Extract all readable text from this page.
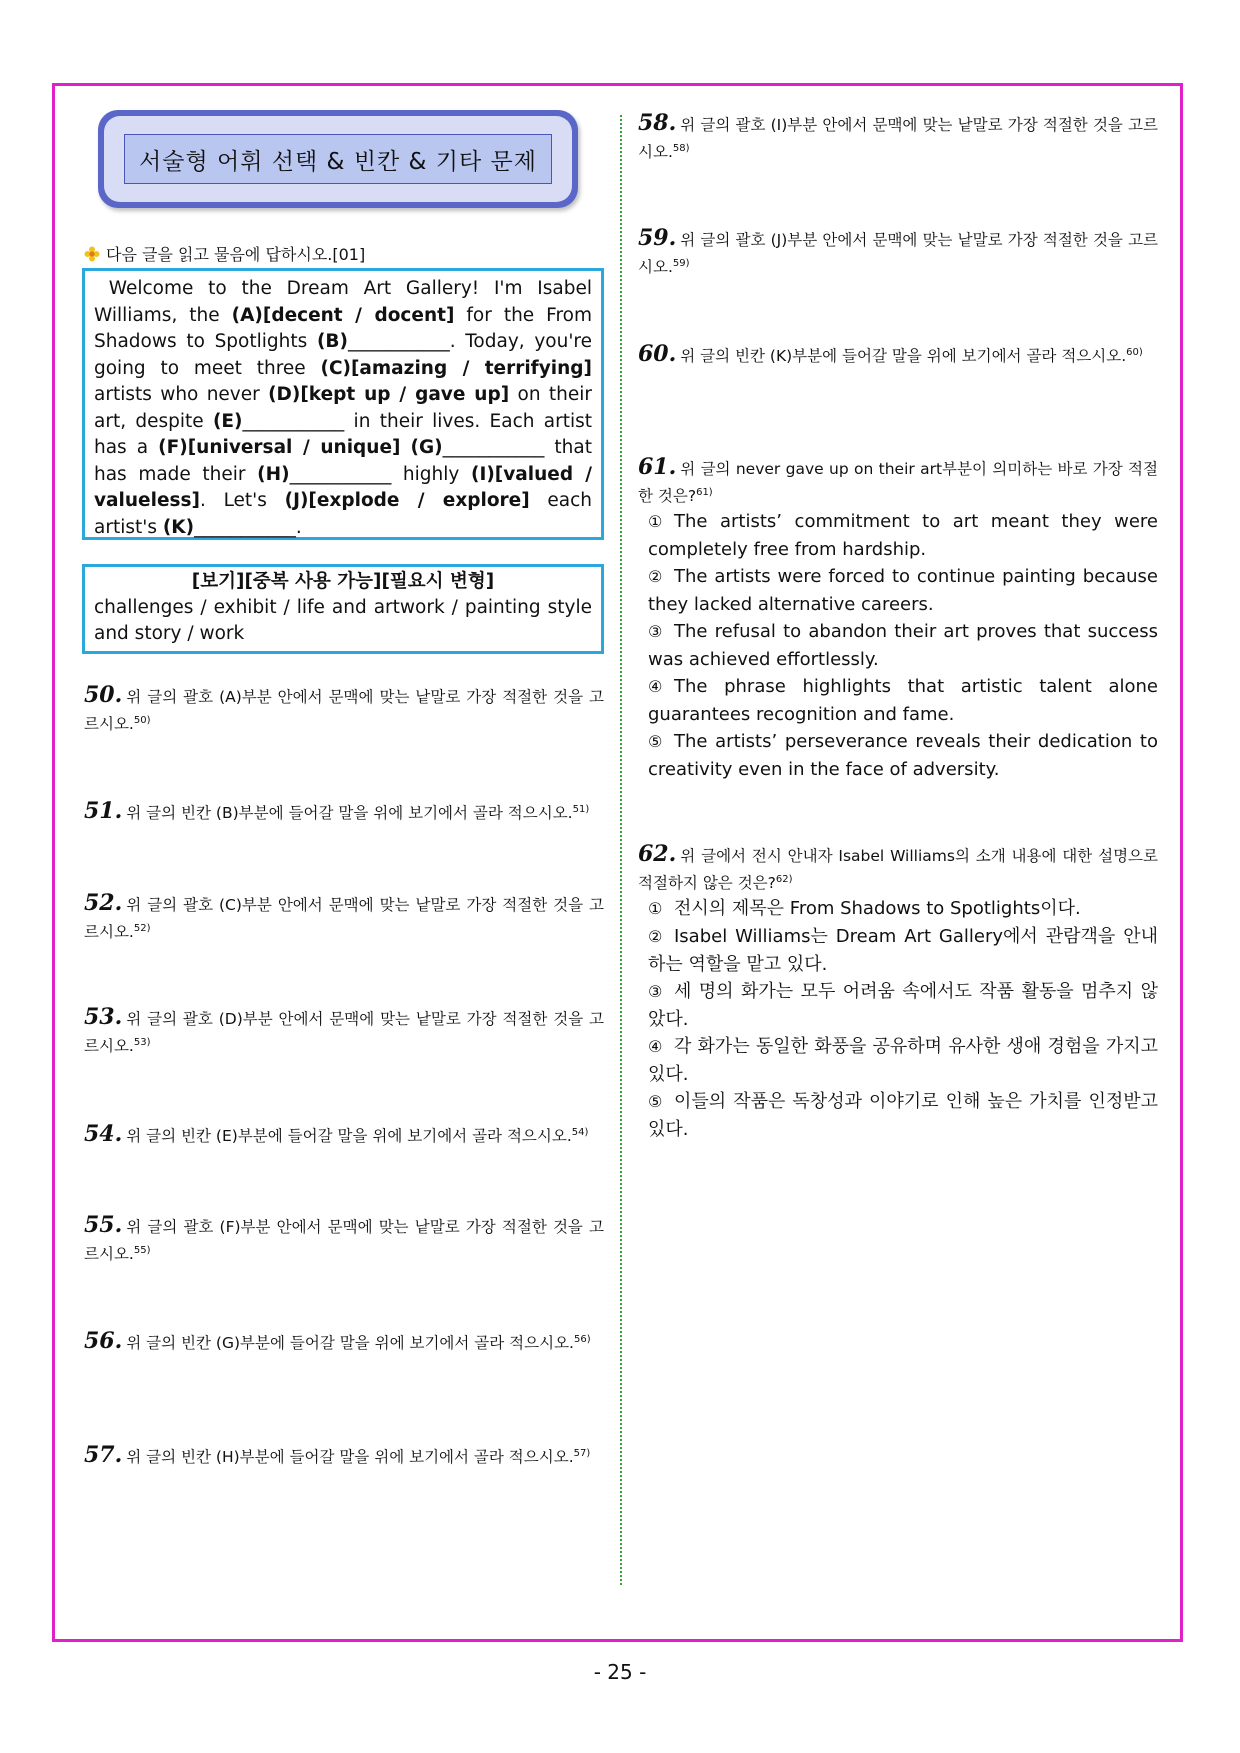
서술형 어휘 선택 & 빈칸 & 기타 문제
다음 글을 읽고 물음에 답하시오.[01]
Welcome to the Dream Art Gallery! I'm Isabel Williams, the (A)[decent / docent] for the From Shadows to Spotlights (B)___________. Today, you're going to meet three (C)[amazing / terrifying] artists who never (D)[kept up / gave up] on their art, despite (E)___________ in their lives. Each artist has a (F)[universal / unique] (G)___________ that has made their (H)___________ highly (I)[valued / valueless]. Let's (J)[explode / explore] each artist's (K)___________.
[보기][중복 사용 가능][필요시 변형]
challenges / exhibit / life and artwork / painting style and story / work
50. 위 글의 괄호 (A)부분 안에서 문맥에 맞는 낱말로 가장 적절한 것을 고르시오.$^{50)}$
51. 위 글의 빈칸 (B)부분에 들어갈 말을 위에 보기에서 골라 적으시오.$^{51)}$
52. 위 글의 괄호 (C)부분 안에서 문맥에 맞는 낱말로 가장 적절한 것을 고르시오.$^{52)}$
53. 위 글의 괄호 (D)부분 안에서 문맥에 맞는 낱말로 가장 적절한 것을 고르시오.$^{53)}$
54. 위 글의 빈칸 (E)부분에 들어갈 말을 위에 보기에서 골라 적으시오.$^{54)}$
55. 위 글의 괄호 (F)부분 안에서 문맥에 맞는 낱말로 가장 적절한 것을 고르시오.$^{55)}$
56. 위 글의 빈칸 (G)부분에 들어갈 말을 위에 보기에서 골라 적으시오.$^{56)}$
57. 위 글의 빈칸 (H)부분에 들어갈 말을 위에 보기에서 골라 적으시오.$^{57)}$
58. 위 글의 괄호 (I)부분 안에서 문맥에 맞는 낱말로 가장 적절한 것을 고르시오.$^{58)}$
59. 위 글의 괄호 (J)부분 안에서 문맥에 맞는 낱말로 가장 적절한 것을 고르시오.$^{59)}$
60. 위 글의 빈칸 (K)부분에 들어갈 말을 위에 보기에서 골라 적으시오.$^{60)}$
61. 위 글의 never gave up on their art부분이 의미하는 바로 가장 적절한 것은?$^{61)}$
① The artists’ commitment to art meant they were completely free from hardship.
② The artists were forced to continue painting because they lacked alternative careers.
③ The refusal to abandon their art proves that success was achieved effortlessly.
④ The phrase highlights that artistic talent alone guarantees recognition and fame.
⑤ The artists’ perseverance reveals their dedication to creativity even in the face of adversity.
62. 위 글에서 전시 안내자 Isabel Williams의 소개 내용에 대한 설명으로 적절하지 않은 것은?$^{62)}$
① 전시의 제목은 From Shadows to Spotlights이다.
② Isabel Williams는 Dream Art Gallery에서 관람객을 안내하는 역할을 맡고 있다.
③ 세 명의 화가는 모두 어려움 속에서도 작품 활동을 멈추지 않았다.
④ 각 화가는 동일한 화풍을 공유하며 유사한 생애 경험을 가지고 있다.
⑤ 이들의 작품은 독창성과 이야기로 인해 높은 가치를 인정받고 있다.
- 25 -
